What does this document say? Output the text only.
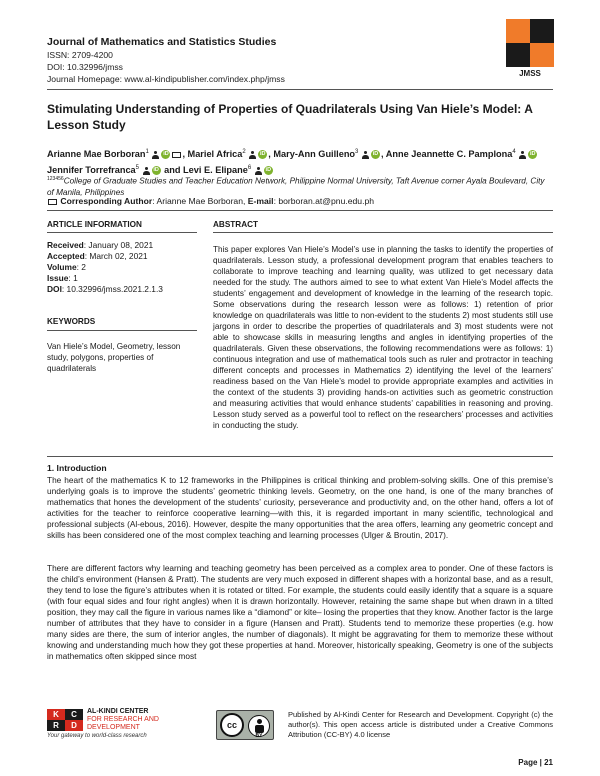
Journal of Mathematics and Statistics Studies
ISSN: 2709-4200
DOI: 10.32996/jmss
Journal Homepage: www.al-kindipublisher.com/index.php/jmss
JMSS
Stimulating Understanding of Properties of Quadrilaterals Using Van Hiele’s Model: A Lesson Study
Arianne Mae Borboran$^1$	iD , Mariel Africa$^2$	iD , Mary-Ann Guilleno$^3$	iD , Anne Jeannette C. Pamplona$^4$	iD Jennifer Torrefranca$^5$	iD and Levi E. Elipane$^6$	iD
$^{123456}$College of Graduate Studies and Teacher Education Network, Philippine Normal University, Taft Avenue corner Ayala Boulevard, City of Manila, Philippines
Corresponding Author: Arianne Mae Borboran, E-mail: borboran.at@pnu.edu.ph
ARTICLE INFORMATION	ABSTRACT
Received: January 08, 2021
Accepted: March 02, 2021
Volume: 2
Issue: 1
DOI: 10.32996/jmss.2021.2.1.3
KEYWORDS
Van Hiele’s Model, Geometry, lesson study, polygons, properties of quadrilaterals
This paper explores Van Hiele’s Model’s use in planning the tasks to identify the properties of quadrilaterals. Lesson study, a professional development program that enables teachers to collaborate to improve teaching and learning quality, was utilized to get necessary data needed for the study. The authors aimed to see to what extent Van Hiele’s Model affects the students’ engagement and development of knowledge in the learning of the research topic. Some observations during the research lesson were as follows: 1) retention of prior knowledge on quadrilaterals was little to non-evident to the students 2) most students still use jargons in order to describe the properties of quadrilaterals and 3) most students were not able to showcase skills in measuring lengths and angles in identifying properties of the quadrilaterals. Given these observations, the following recommendations were as follows: 1) continuous integration and use of mathematical tools such as ruler and protractor in teaching different concepts and processes in Mathematics 2) identifying the level of the learners’ readiness based on the Van Hiele’s model to provide appropriate examples and activities in the context of the students 3) providing hands-on activities such as geometric construction and measuring activities that would enhance students’ capabilities in reasoning and proving. Lesson study served as a powerful tool to reflect on the researchers’ processes and activities in conducting the study.
1. Introduction
The heart of the mathematics K to 12 frameworks in the Philippines is critical thinking and problem-solving skills. One of this premise’s underlying goals is to improve the students’ geometric thinking levels. Geometry, on the one hand, is one of the many branches of mathematics that hones the development of the students’ curiosity, perseverance and productivity and, on the other hand, offers a lot of activities for the teacher to reinforce cooperative learning—with this, it is regarded important in many scientific, technological and professional subjects (Al-ebous, 2016). However, despite the many opportunities that the area offers, learning any geometric concept and skills has been considered one of the most complex teaching and learning processes (Ulger & Broutin, 2017).
There are different factors why learning and teaching geometry has been perceived as a complex area to ponder. One of these factors is the child’s environment (Hansen & Pratt). The students are very much exposed in different shapes with a horizontal base, and as a result, they tend to lose the figure’s attributes when it is rotated or tilted. For example, the students could easily identify that a square is a square (with four equal sides and four right angles) when it is drawn horizontally. However, retaining the same shape but when drawn in a tilted position, they may call the figure in various names like a “diamond” or kite– losing the properties that they know. Another factor is the large number of attributes that they have to consider in a figure (Hansen and Pratt). Students tend to memorize these properties (e.g. how many sides are there, the sum of interior angles, the number of diagonals). It might be aggravating for them to memorize these without knowing and understanding much how they got these properties at hand. Moreover, historically speaking, Geometry is one of the subjects in mathematics often skipped since most
K	C
R	D
AL-KINDI CENTER
FOR RESEARCH AND
DEVELOPMENT
Your gateway to world-class research
cc
BY
Published by Al-Kindi Center for Research and Development. Copyright (c) the author(s). This open access article is distributed under a Creative Commons Attribution (CC-BY) 4.0 license
Page | 21
